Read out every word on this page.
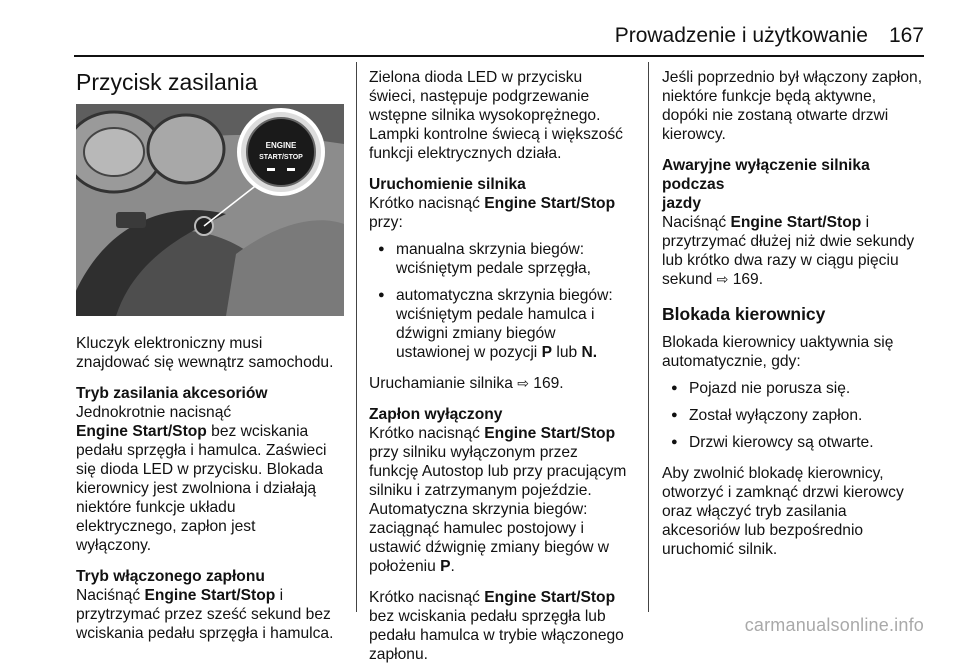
Prowadzenie i użytkowanie 167
Przycisk zasilania
ENGINE
START/STOP

Kluczyk elektroniczny musi

znajdować się wewnątrz samochodu.

Tryb zasilania akcesoriów

Jednokrotnie nacisnąć

Engine Start/Stop bez wciskania

pedału sprzęgła i hamulca. Zaświeci

się dioda LED w przycisku. Blokada

kierownicy jest zwolniona i działają

niektóre funkcje układu

elektrycznego, zapłon jest

wyłączony.

Tryb włączonego zapłonu

Naciśnąć Engine Start/Stop i

przytrzymać przez sześć sekund bez

wciskania pedału sprzęgła i hamulca.

Zielona dioda LED w przycisku

świeci, następuje podgrzewanie

wstępne silnika wysokoprężnego.

Lampki kontrolne świecą i większość

funkcji elektrycznych działa.

Uruchomienie silnika

Krótko nacisnąć Engine Start/Stop

przy:

● manualna skrzynia biegów:
wciśniętym pedale sprzęgła,
● automatyczna skrzynia biegów:
wciśniętym pedale hamulca i
dźwigni zmiany biegów
ustawionej w pozycji P lub N.

Uruchamianie silnika ⇨ 169.

Zapłon wyłączony

Krótko nacisnąć Engine Start/Stop

przy silniku wyłączonym przez

funkcję Autostop lub przy pracującym

silniku i zatrzymanym pojeździe.

Automatyczna skrzynia biegów:

zaciągnąć hamulec postojowy i

ustawić dźwignię zmiany biegów w

położeniu P.

Krótko nacisnąć Engine Start/Stop

bez wciskania pedału sprzęgła lub

pedału hamulca w trybie włączonego

zapłonu.

Jeśli poprzednio był włączony zapłon,

niektóre funkcje będą aktywne,

dopóki nie zostaną otwarte drzwi

kierowcy.

Awaryjne wyłączenie silnika podczas

jazdy

Naciśnąć Engine Start/Stop i

przytrzymać dłużej niż dwie sekundy

lub krótko dwa razy w ciągu pięciu

sekund ⇨ 169.

Blokada kierownicy

Blokada kierownicy uaktywnia się

automatycznie, gdy:

● Pojazd nie porusza się.
● Został wyłączony zapłon.
● Drzwi kierowcy są otwarte.

Aby zwolnić blokadę kierownicy,

otworzyć i zamknąć drzwi kierowcy

oraz włączyć tryb zasilania

akcesoriów lub bezpośrednio

uruchomić silnik.

carmanualsonline.info
